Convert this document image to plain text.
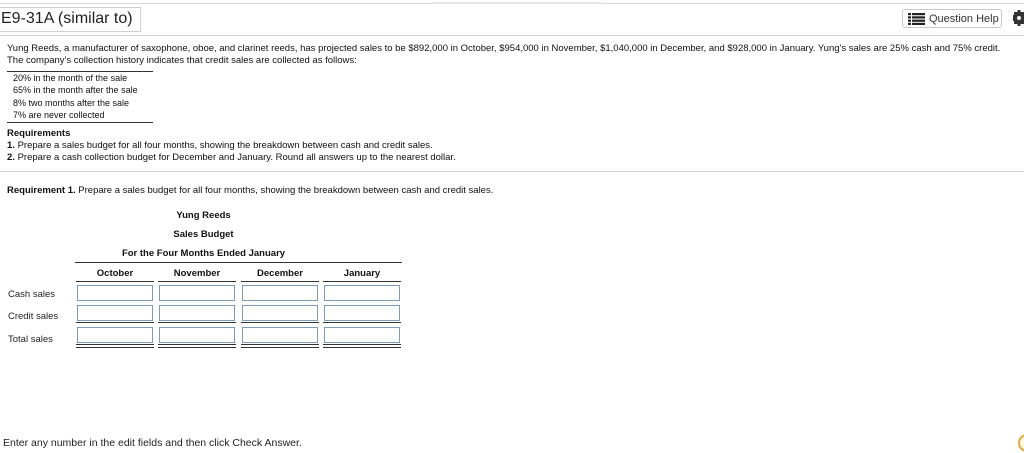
E9-31A (similar to)	Question Help
Yung Reeds, a manufacturer of saxophone, oboe, and clarinet reeds, has projected sales to be $892,000 in October, $954,000 in November, $1,040,000 in December, and $928,000 in January. Yung's sales are 25% cash and 75% credit. The company's collection history indicates that credit sales are collected as follows:
20% in the month of the sale
65% in the month after the sale
8% two months after the sale
7% are never collected
Requirements
1. Prepare a sales budget for all four months, showing the breakdown between cash and credit sales.
2. Prepare a cash collection budget for December and January. Round all answers up to the nearest dollar.
Requirement 1. Prepare a sales budget for all four months, showing the breakdown between cash and credit sales.
Yung Reeds
Sales Budget
For the Four Months Ended January
October	November	December	January
Cash sales
Credit sales
Total sales
Enter any number in the edit fields and then click Check Answer.
